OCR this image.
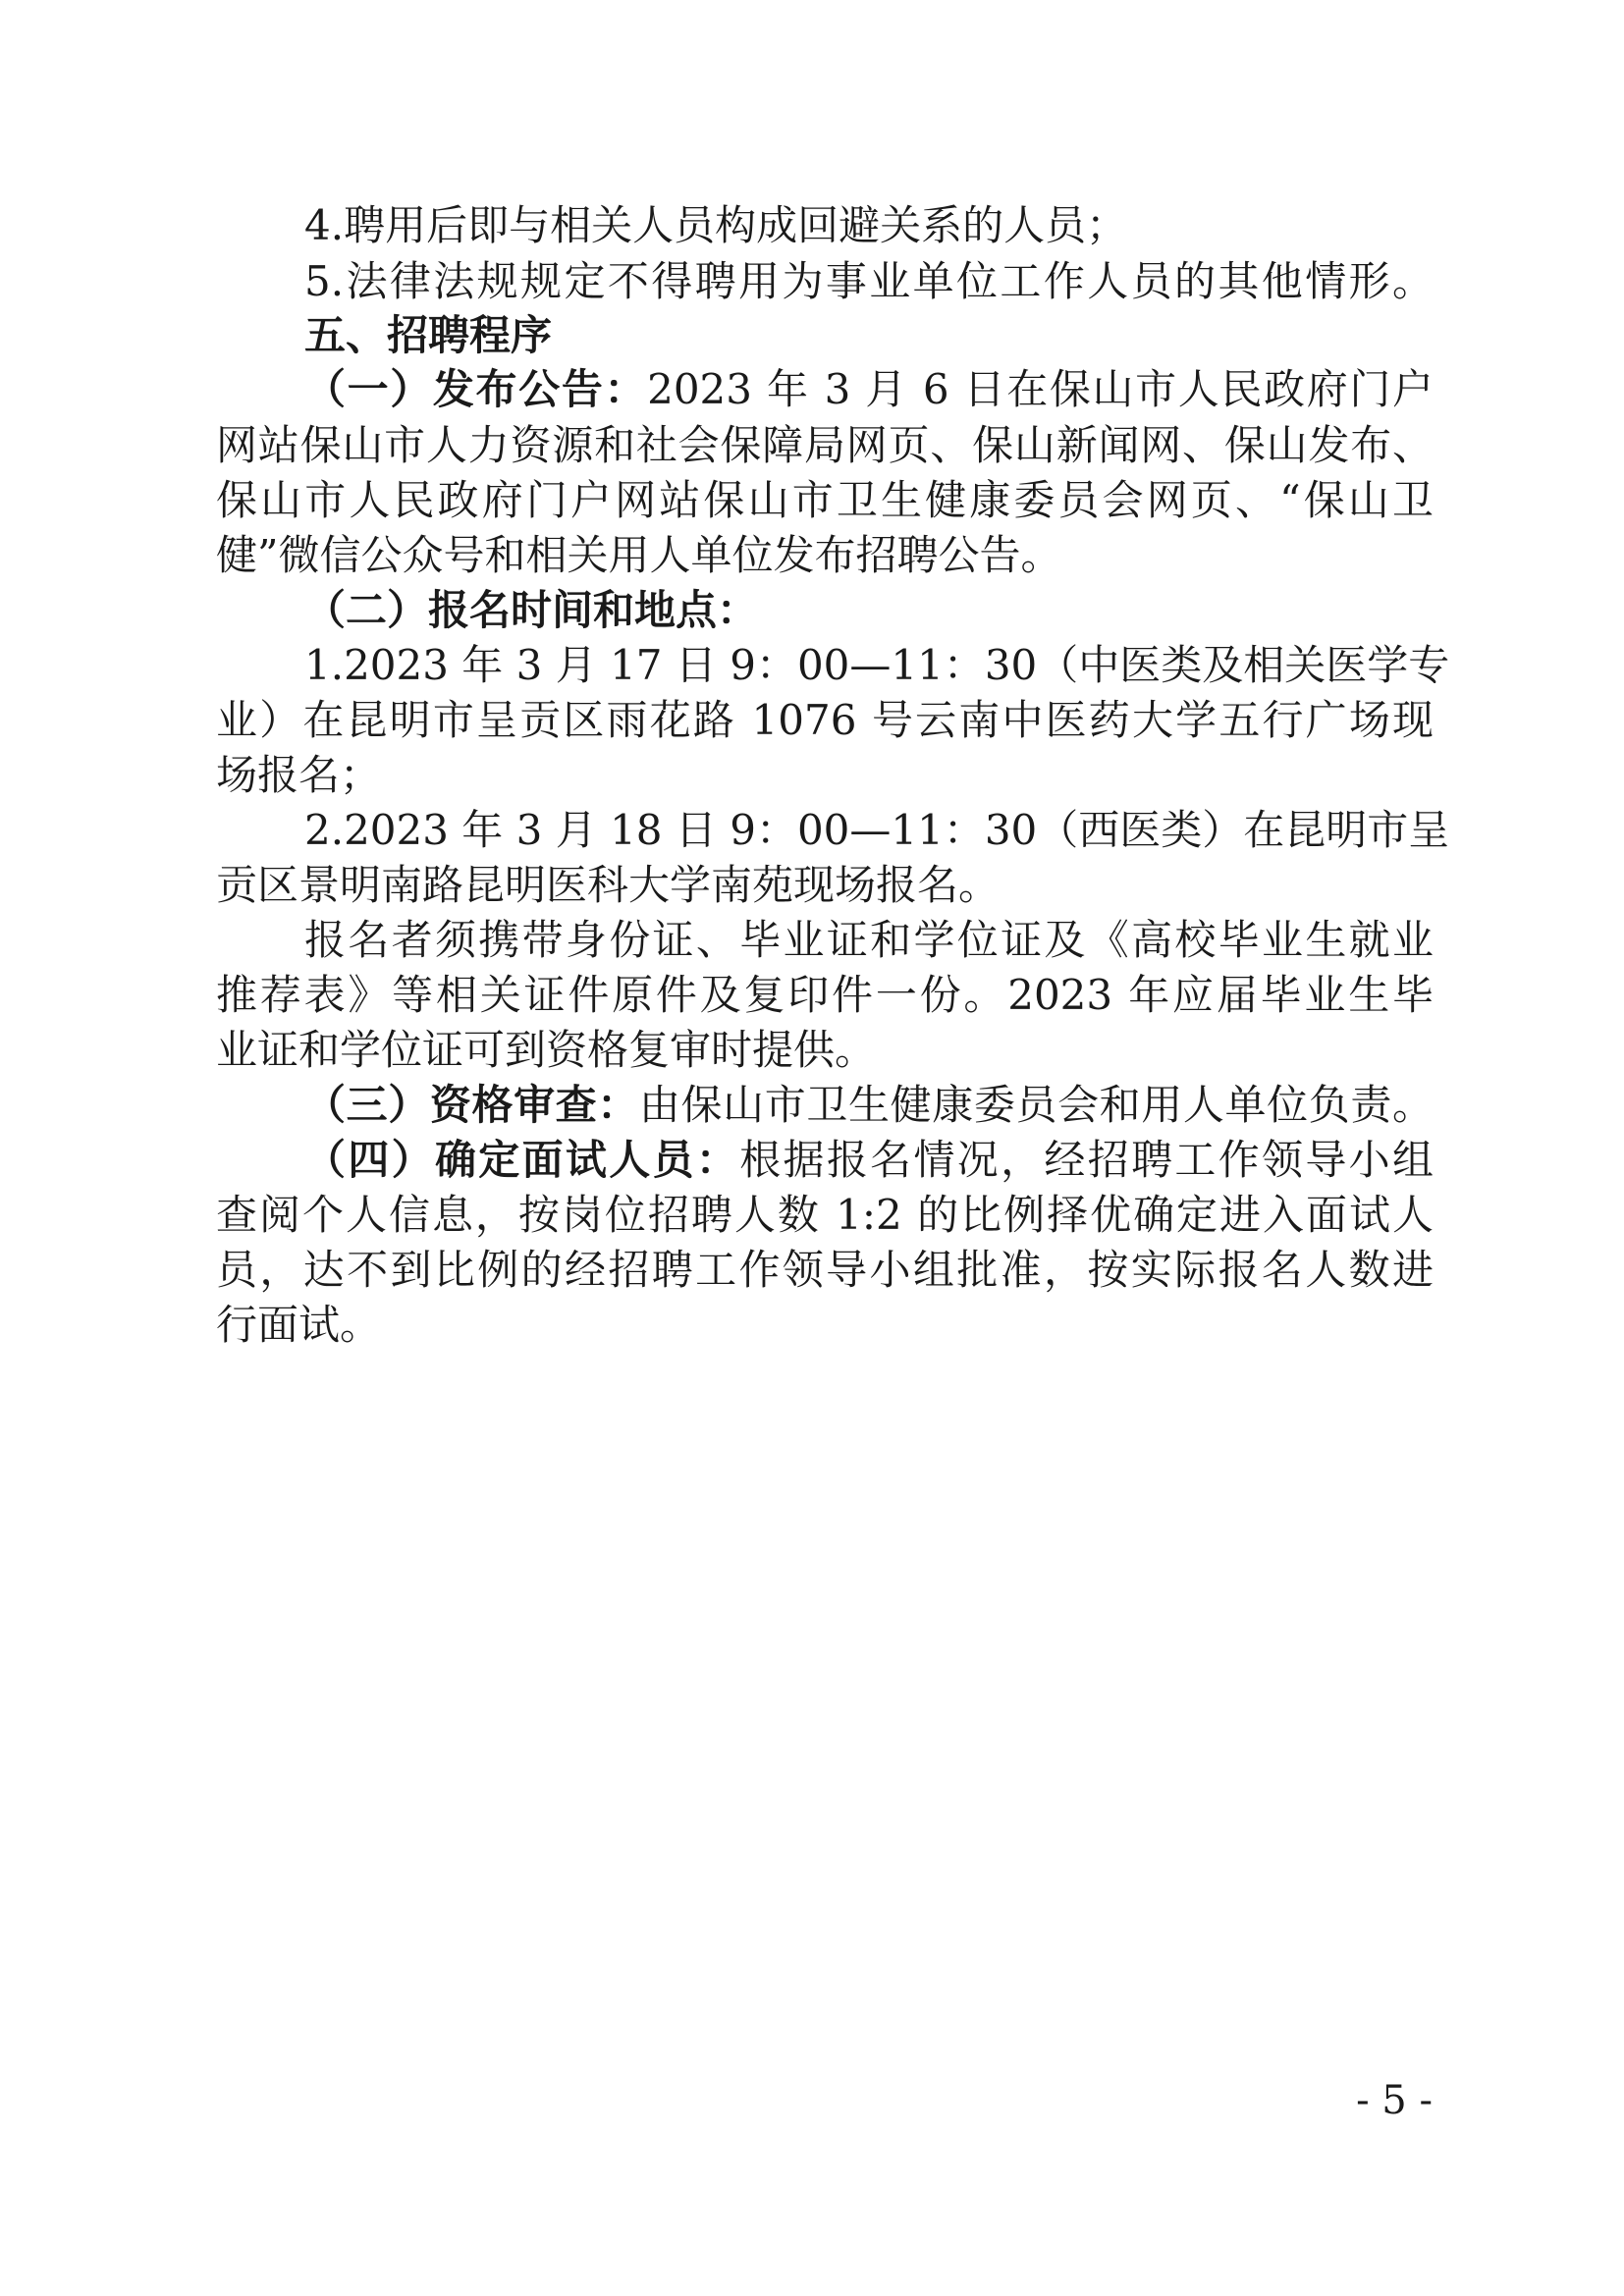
4.聘用后即与相关人员构成回避关系的人员；
5.法律法规规定不得聘用为事业单位工作人员的其他情形。
五、招聘程序
（一）发布公告：2023 年 3 月 6 日在保山市人民政府门户
网站保山市人力资源和社会保障局网页、保山新闻网、保山发布、
保山市人民政府门户网站保山市卫生健康委员会网页、“保山卫
健”微信公众号和相关用人单位发布招聘公告。
（二）报名时间和地点：
1.2023 年 3 月 17 日 9：00—11：30（中医类及相关医学专
业）在昆明市呈贡区雨花路 1076 号云南中医药大学五行广场现
场报名；
2.2023 年 3 月 18 日 9：00—11：30（西医类）在昆明市呈
贡区景明南路昆明医科大学南苑现场报名。
报名者须携带身份证、毕业证和学位证及《高校毕业生就业
推荐表》等相关证件原件及复印件一份。2023 年应届毕业生毕
业证和学位证可到资格复审时提供。
（三）资格审查：由保山市卫生健康委员会和用人单位负责。
（四）确定面试人员：根据报名情况，经招聘工作领导小组
查阅个人信息，按岗位招聘人数 1:2 的比例择优确定进入面试人
员，达不到比例的经招聘工作领导小组批准，按实际报名人数进
行面试。
- 5 -
